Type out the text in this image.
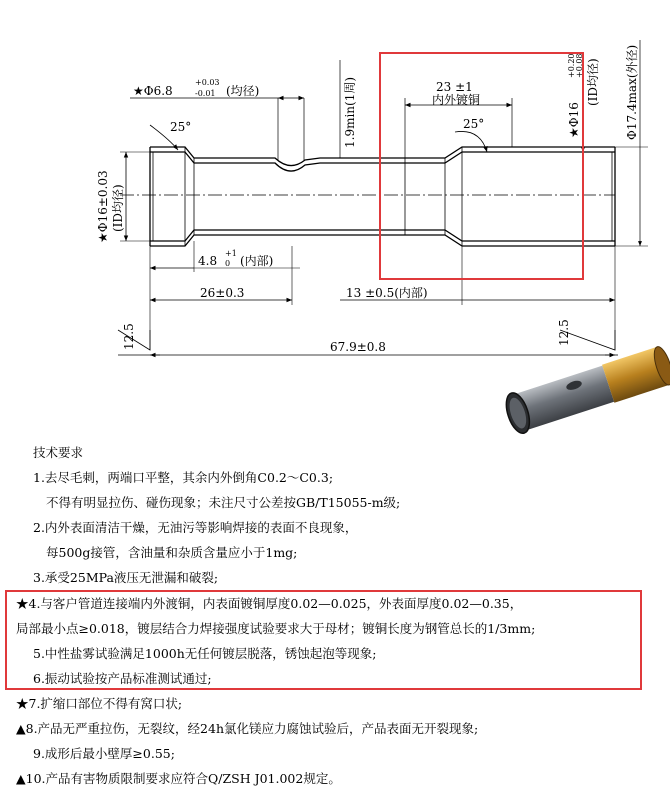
★Φ6.8
+0.03
-0.01 (均径)	1.9min(1周)
25°
23 ±1
内外镀铜
25°	★Φ16
+0.20 +0.08 (ID均径) Φ17.4max(外径)
★Φ16±0.03 (ID均径)
4.8
+1
0 (内部)
26±0.3	13 ±0.5(内部)
67.9±0.8
12.5	12.5
技术要求
1.去尽毛刺，两端口平整，其余内外倒角C0.2～C0.3;
不得有明显拉伤、碰伤现象；未注尺寸公差按GB/T15055-m级;
2.内外表面清洁干燥，无油污等影响焊接的表面不良现象，
每500g接管，含油量和杂质含量应小于1mg;
3.承受25MPa液压无泄漏和破裂;
★4.与客户管道连接端内外渡铜，内表面镀铜厚度0.02—0.025，外表面厚度0.02—0.35，
局部最小点≥0.018，镀层结合力焊接强度试验要求大于母材；镀铜长度为钢管总长的1/3mm;
5.中性盐雾试验满足1000h无任何镀层脱落，锈蚀起泡等现象;
6.振动试验按产品标准测试通过;
★7.扩缩口部位不得有窝口状;
▲8.产品无严重拉伤，无裂纹，经24h氯化镁应力腐蚀试验后，产品表面无开裂现象;
9.成形后最小壁厚≥0.55;
▲10.产品有害物质限制要求应符合Q/ZSH J01.002规定。
